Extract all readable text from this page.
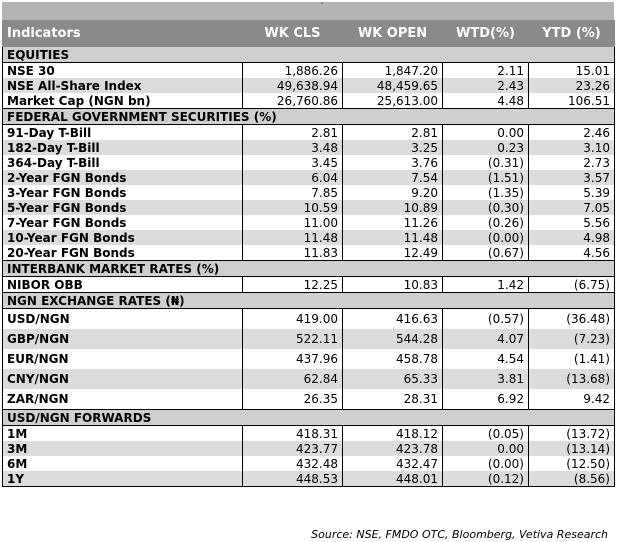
`
Indicators	WK CLS	WK OPEN	WTD(%)	YTD (%)
EQUITIES				
NSE 30	1,886.26	1,847.20	2.11	15.01
NSE All-Share Index	49,638.94	48,459.65	2.43	23.26
Market Cap (NGN bn)	26,760.86	25,613.00	4.48	106.51
FEDERAL GOVERNMENT SECURITIES (%)				
91-Day T-Bill	2.81	2.81	0.00	2.46
182-Day T-Bill	3.48	3.25	0.23	3.10
364-Day T-Bill	3.45	3.76	(0.31)	2.73
2-Year FGN Bonds	6.04	7.54	(1.51)	3.57
3-Year FGN Bonds	7.85	9.20	(1.35)	5.39
5-Year FGN Bonds	10.59	10.89	(0.30)	7.05
7-Year FGN Bonds	11.00	11.26	(0.26)	5.56
10-Year FGN Bonds	11.48	11.48	(0.00)	4.98
20-Year FGN Bonds	11.83	12.49	(0.67)	4.56
INTERBANK MARKET RATES (%)				
NIBOR OBB	12.25	10.83	1.42	(6.75)
NGN EXCHANGE RATES (₦)				
USD/NGN	419.00	416.63	(0.57)	(36.48)
GBP/NGN	522.11	544.28	4.07	(7.23)
EUR/NGN	437.96	458.78	4.54	(1.41)
CNY/NGN	62.84	65.33	3.81	(13.68)
ZAR/NGN	26.35	28.31	6.92	9.42
USD/NGN FORWARDS				
1M	418.31	418.12	(0.05)	(13.72)
3M	423.77	423.78	0.00	(13.14)
6M	432.48	432.47	(0.00)	(12.50)
1Y	448.53	448.01	(0.12)	(8.56)
Source: NSE, FMDO OTC, Bloomberg, Vetiva Research
